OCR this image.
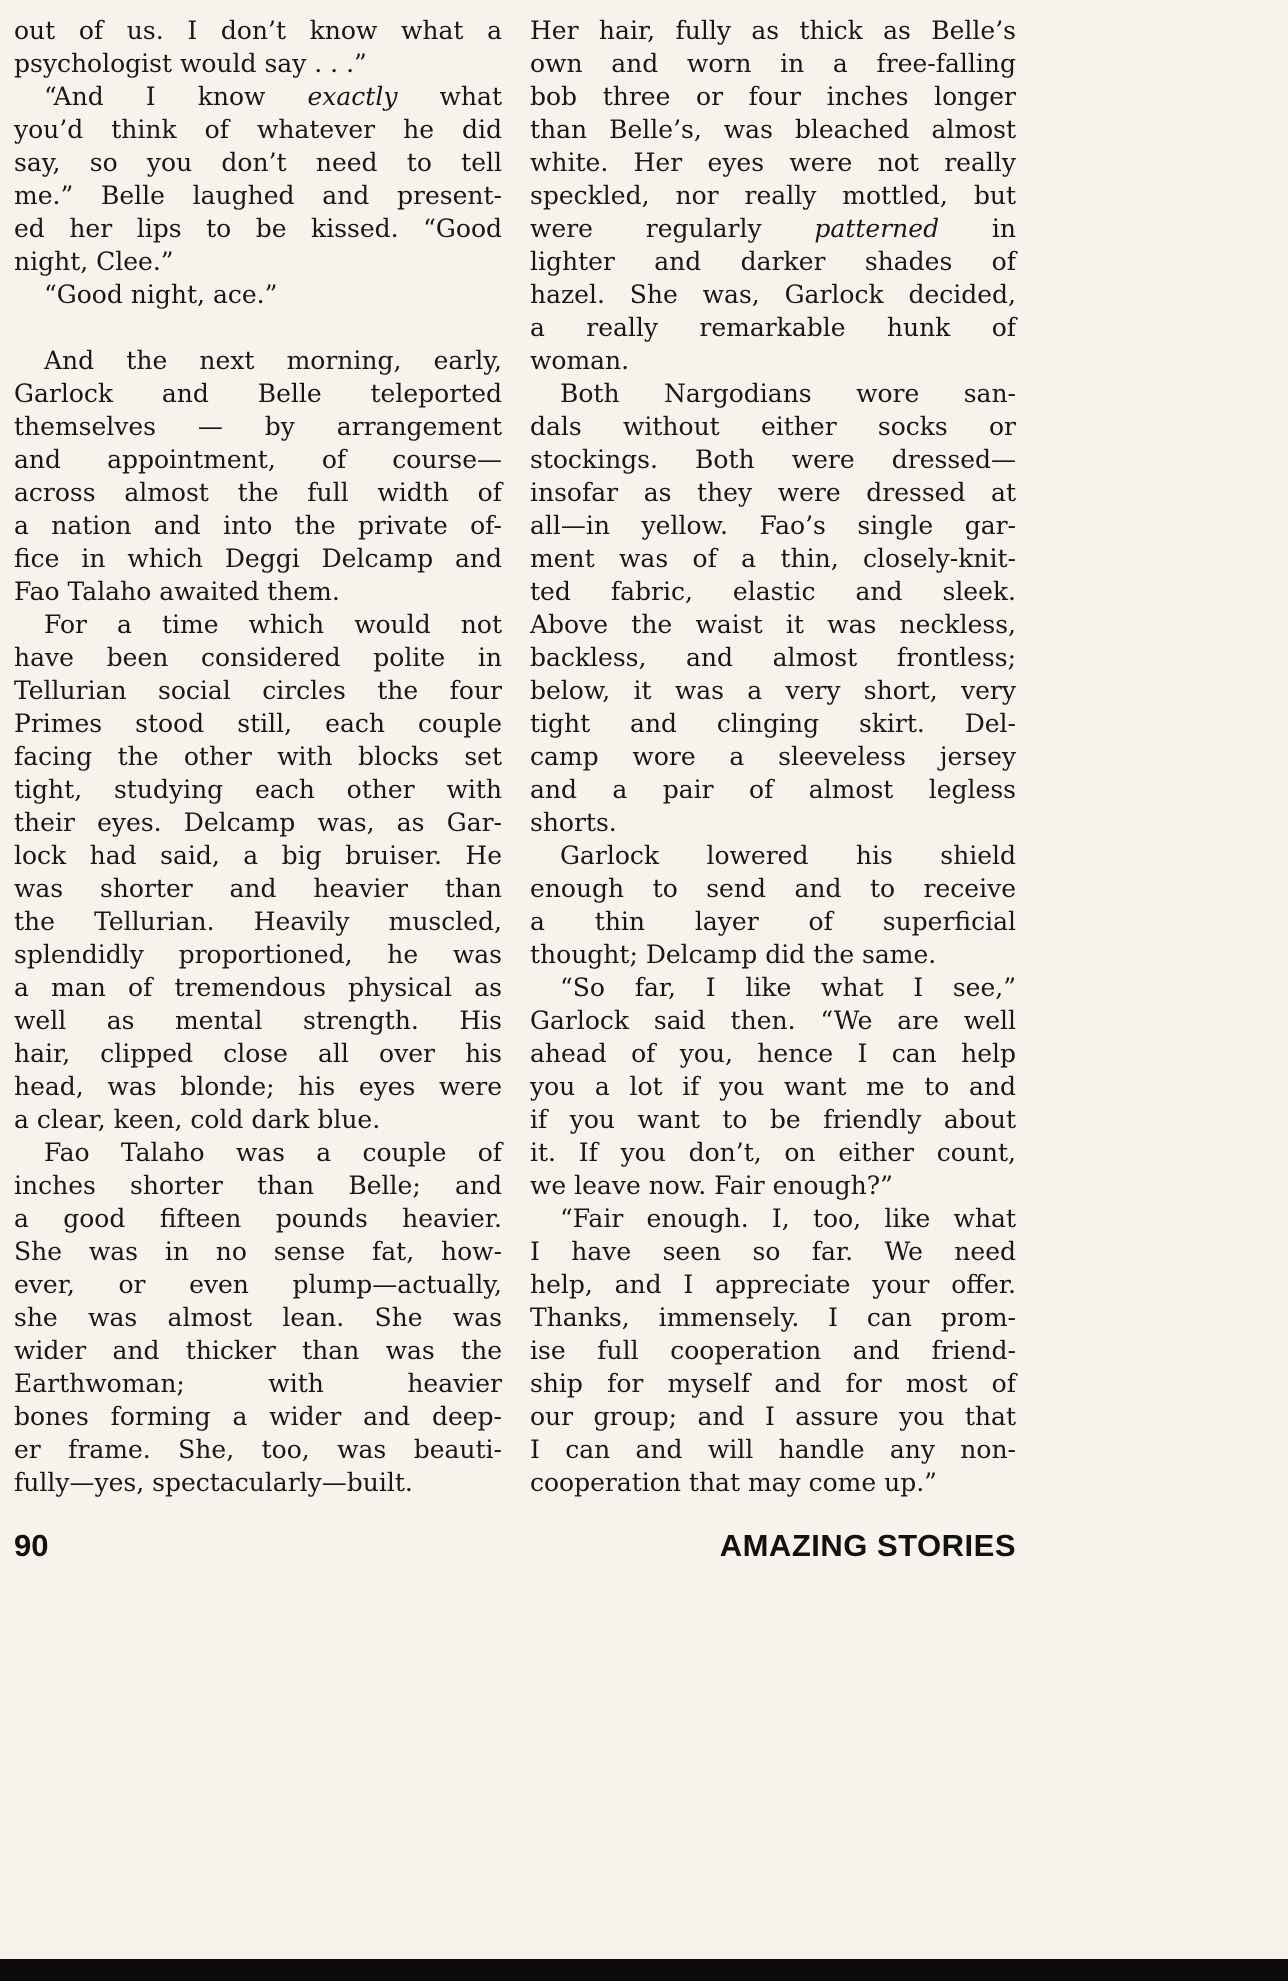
out of us. I don’t know what a
psychologist would say . . .”
“And I know exactly what
you’d think of whatever he did
say, so you don’t need to tell
me.” Belle laughed and present-
ed her lips to be kissed. “Good
night, Clee.”
“Good night, ace.”
And the next morning, early,
Garlock and Belle teleported
themselves — by arrangement
and appointment, of course—
across almost the full width of
a nation and into the private of-
fice in which Deggi Delcamp and
Fao Talaho awaited them.
For a time which would not
have been considered polite in
Tellurian social circles the four
Primes stood still, each couple
facing the other with blocks set
tight, studying each other with
their eyes. Delcamp was, as Gar-
lock had said, a big bruiser. He
was shorter and heavier than
the Tellurian. Heavily muscled,
splendidly proportioned, he was
a man of tremendous physical as
well as mental strength. His
hair, clipped close all over his
head, was blonde; his eyes were
a clear, keen, cold dark blue.
Fao Talaho was a couple of
inches shorter than Belle; and
a good fifteen pounds heavier.
She was in no sense fat, how-
ever, or even plump—actually,
she was almost lean. She was
wider and thicker than was the
Earthwoman; with heavier
bones forming a wider and deep-
er frame. She, too, was beauti-
fully—yes, spectacularly—built.
Her hair, fully as thick as Belle’s
own and worn in a free-falling
bob three or four inches longer
than Belle’s, was bleached almost
white. Her eyes were not really
speckled, nor really mottled, but
were regularly patterned in
lighter and darker shades of
hazel. She was, Garlock decided,
a really remarkable hunk of
woman.
Both Nargodians wore san-
dals without either socks or
stockings. Both were dressed—
insofar as they were dressed at
all—in yellow. Fao’s single gar-
ment was of a thin, closely-knit-
ted fabric, elastic and sleek.
Above the waist it was neckless,
backless, and almost frontless;
below, it was a very short, very
tight and clinging skirt. Del-
camp wore a sleeveless jersey
and a pair of almost legless
shorts.
Garlock lowered his shield
enough to send and to receive
a thin layer of superficial
thought; Delcamp did the same.
“So far, I like what I see,”
Garlock said then. “We are well
ahead of you, hence I can help
you a lot if you want me to and
if you want to be friendly about
it. If you don’t, on either count,
we leave now. Fair enough?”
“Fair enough. I, too, like what
I have seen so far. We need
help, and I appreciate your offer.
Thanks, immensely. I can prom-
ise full cooperation and friend-
ship for myself and for most of
our group; and I assure you that
I can and will handle any non-
cooperation that may come up.”
90	AMAZING STORIES
